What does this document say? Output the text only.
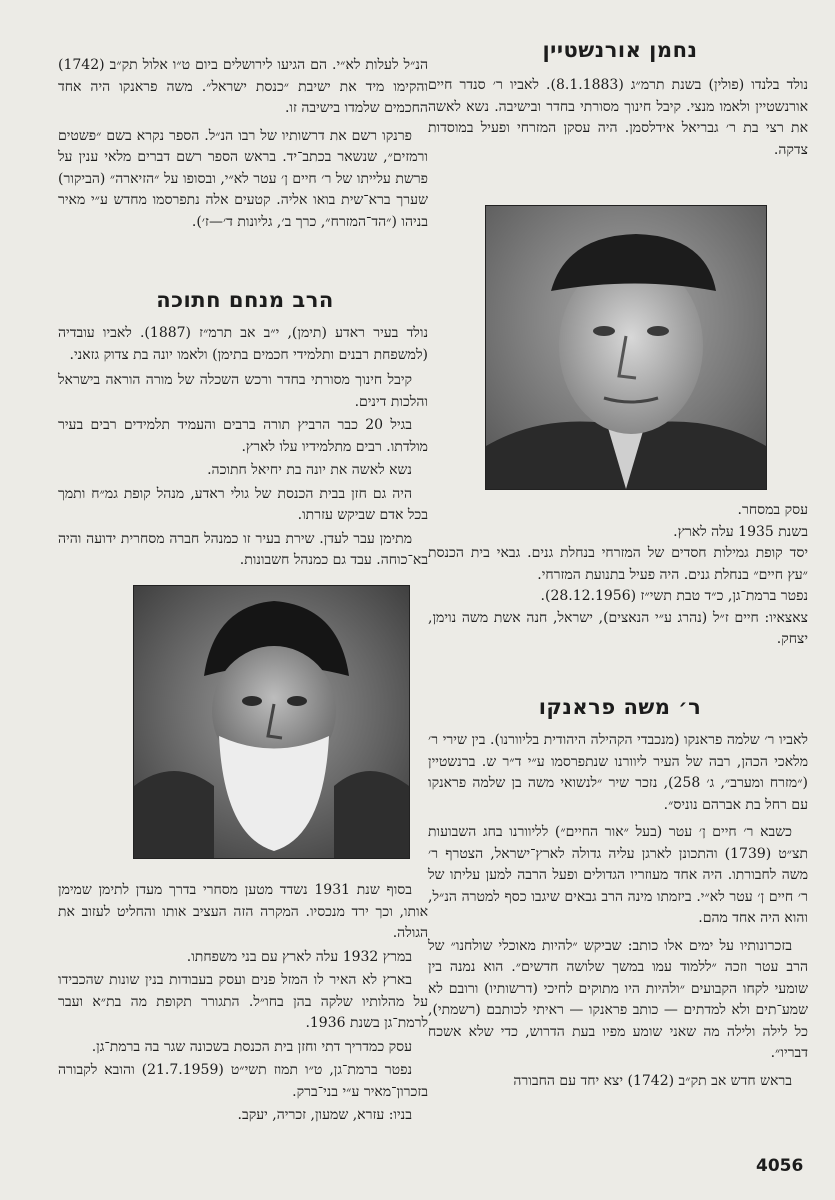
נחמן אורנשטיין

נולד בלנדו (פולין) בשנת תרמ״ג (8.1.1883). לאביו ר׳ סנדר חיים אורנשטיין ולאמו מנצי. קיבל חינוך מסורתי בחדר ובישיבה. נשא לאשה את רצי בת ר׳ גבריאל אידלסמן. היה עסקן המזרחי ופעיל במוסדות צדקה.

עסק במסחר.

בשנת 1935 עלה לארץ.

יסד קופת גמילות חסדים של המזרחי בנחלת גנים. גבאי בית הכנסת ״עץ חיים״ בנחלת גנים. היה פעיל בתנועת המזרחי.

נפטר ברמת־גן, כ״ד טבת תשי״ז (28.12.1956).

צאצאיו: חיים ז״ל (נהרג ע״י הנאצים), ישראל, חנה אשת משה נוימן, יצחק.

ר׳ משה פראנקו

לאביו ר׳ שלמה פראנקו (מנכבדי הקהילה היהודית בליוורנו). בין שירי ר׳ מלאכי הכהן, רבה של העיר ליוורנו שנתפרסמו ע״י ד״ר ש. ברנשטיין (״מזרח ומערב״, ג׳ 258), נזכר שיר ״לנשואי משה בן שלמה פראנקו עם רחל בת אברהם נוניס״.

כשבא ר׳ חיים ן׳ עטר (בעל ״אור החיים״) לליוורנו בחג השבועות תצ״ט (1739) והתכונן לארגן עליה גדולה לארץ־ישראל, הצטרף ר׳ משה לחבורתו. היה אחד מעוזריו הגדולים ופעל הרבה למען עליתו של ר׳ חיים ן׳ עטר לא״י. ביזמתו מינה הרב גבאים שיגבו כסף למטרה הנ״ל, והוא היה אחד מהם.

בזכרונותיו על ימים אלו כותב: שביקש ״להיות מאוכלי שולחנו״ של הרב עטר וזכה ״ללמוד עמו במשך שלושה חדשים״. הוא נמנה בין שומעי לקחו הקבועים ״ולהיות היו מתוקים לחיכי (דרשותיו) ורובם לא שמע־תים ולא למדתים — כותב פראנקו — ראיתי לכותבם (רשמתי), כל לילה ולילה מה שאני שומע מפיו בעת הדרוש, כדי שלא אשכח דבריו״.

בראש חדש אב תק״ב (1742) יצא יחד עם החבורה

הנ״ל לעלות לא״י. הם הגיעו לירושלים ביום ט״ו אלול תק״ב (1742) והקימו מיד את ישיבת ״כנסת ישראל״. משה פראנקו היה אחד החכמים שלמדו בישיבה זו.

פרנקו רשם את דרשותיו של רבו הנ״ל. הספר נקרא בשם ״פשטים ורמזים״, שנשאר בכתב־יד. בראש הספר רשם דברים מלאי ענין על פרשת עלייתו של ר׳ חיים ן׳ עטר לא״י, ובסופו על ״הזיארה״ (הביקור) שערך ברא־שית בואו אליה. קטעים אלה נתפרסמו מחדש ע״י מאיר בניהו (״הד־המזרח״, כרך ב׳, גליונות ד׳—ז׳).

הרב מנחם חתוכה

נולד בעיר ראדע (תימן), י״ב אב תרמ״ז (1887). לאביו עובדיה (למשפחת רבנים ותלמידי חכמים בתימן) ולאמו יונה בת צדוק גזאני.

קיבל חינוך מסורתי בחדר ורכש השכלה של מורה הוראה בישראל והלכות דינים.

בגיל 20 כבר הרביץ תורה ברבים והעמיד תלמידים רבים בעיר מולדתו. רבים מתלמידיו עלו לארץ.

נשא לאשה את יונה בת יחיאל חתוכה.

היה גם חזן בבית הכנסת של גולי ראדע, מנהל קופת גמ״ח ותמך בכל אדם שביקש עזרתו.

מתימן עבר לעדן. שירת בעיר זו כמנהל חברה מסחרית ידועה והיה בא־כוחה. עבד גם כמנהל חשבונות.

בסוף שנת 1931 נשדד מטען מסחרי בדרך מעדן לתימן שמימן אותו, וכך ירד מנכסיו. המקרה הזה העציב אותו והחליט לעזוב את הגולה.

במרץ 1932 עלה לארץ עם בני משפחתו.

בארץ לא האיר לו המזל פנים ועסק בעבודות בנין שונות שהכבידו על מהלותיו שלקה בהן בחו״ל. התגורר תקופת מה בת״א ועבר לרמת־גן בשנת 1936.

עסק כמדריך דתי וחזן בית הכנסת בשכונה שגר בה ברמת־גן.

נפטר ברמת־גן, ט״ו תמוז תשי״ט (21.7.1959) והובא לקבורה בזכרון־מאיר ע״י בני־ברק.

בניו: עזרא, שמעון, זכריה, יעקב.

4056
